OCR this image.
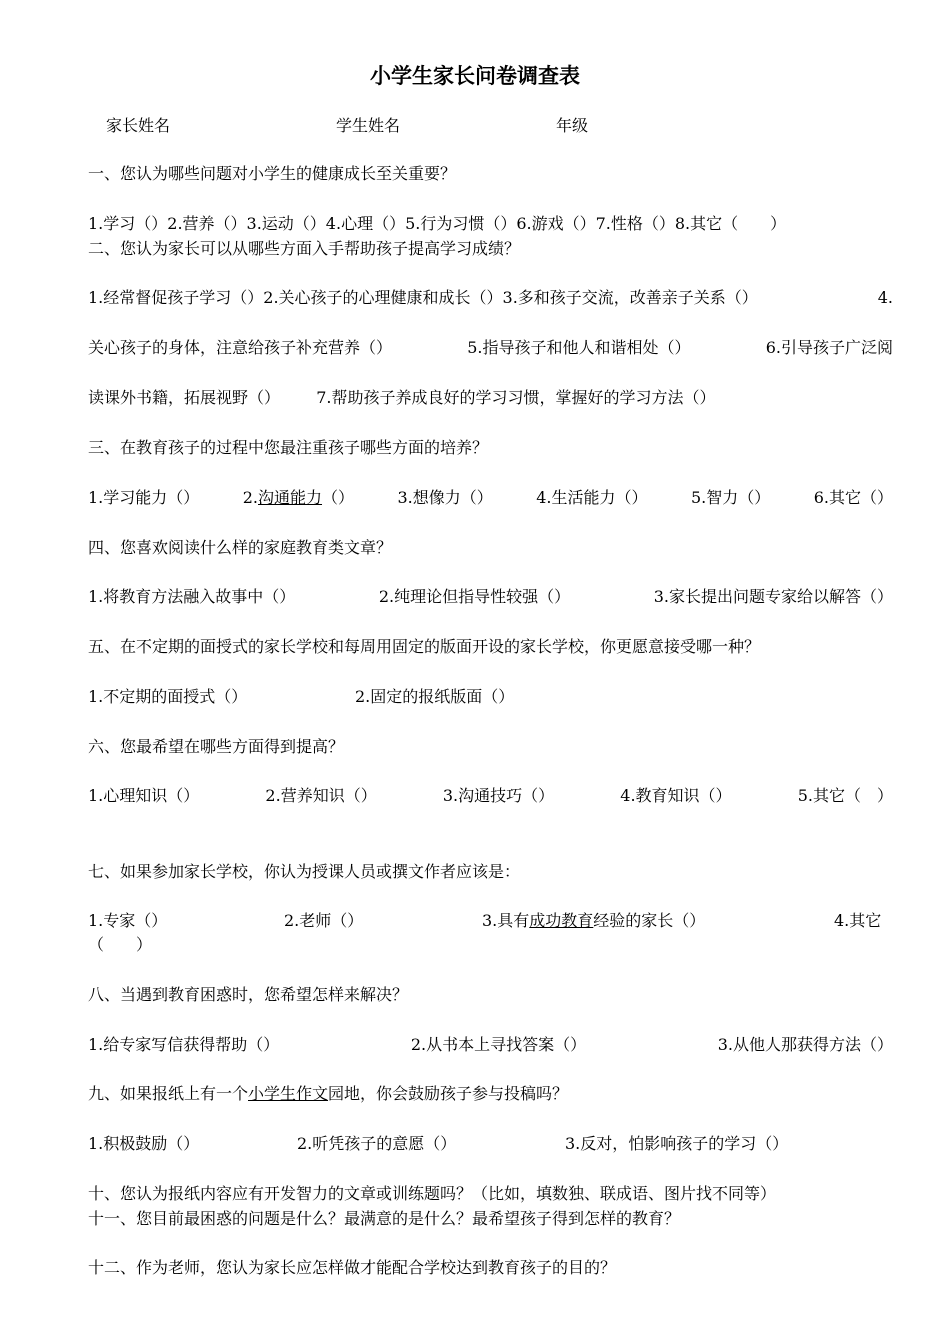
小学生家长问卷调查表
家长姓名	学生姓名	年级
一、您认为哪些问题对小学生的健康成长至关重要？
1.学习（）2.营养（）3.运动（）4.心理（）5.行为习惯（）6.游戏（）7.性格（）8.其它（　　）
二、您认为家长可以从哪些方面入手帮助孩子提高学习成绩？
1.经常督促孩子学习（）2.关心孩子的心理健康和成长（）3.多和孩子交流，改善亲子关系（）	4.
关心孩子的身体，注意给孩子补充营养（）	5.指导孩子和他人和谐相处（）	6.引导孩子广泛阅
读课外书籍，拓展视野（） 7.帮助孩子养成良好的学习习惯，掌握好的学习方法（）
三、在教育孩子的过程中您最注重孩子哪些方面的培养？
1.学习能力（）	2.沟通能力（）	3.想像力（）	4.生活能力（）	5.智力（）	6.其它（）
四、您喜欢阅读什么样的家庭教育类文章？
1.将教育方法融入故事中（）	2.纯理论但指导性较强（）	3.家长提出问题专家给以解答（）
五、在不定期的面授式的家长学校和每周用固定的版面开设的家长学校，你更愿意接受哪一种？
1.不定期的面授式（）	2.固定的报纸版面（）
六、您最希望在哪些方面得到提高？
1.心理知识（）	2.营养知识（）	3.沟通技巧（）	4.教育知识（）	5.其它（　）
七、如果参加家长学校，你认为授课人员或撰文作者应该是：
1.专家（）	2.老师（）	3.具有成功教育经验的家长（）	4.其它
（　　）
八、当遇到教育困惑时，您希望怎样来解决？
1.给专家写信获得帮助（）	2.从书本上寻找答案（）	3.从他人那获得方法（）
九、如果报纸上有一个小学生作文园地，你会鼓励孩子参与投稿吗？
1.积极鼓励（）	2.听凭孩子的意愿（）	3.反对，怕影响孩子的学习（）
十、您认为报纸内容应有开发智力的文章或训练题吗？（比如，填数独、联成语、图片找不同等）
十一、您目前最困惑的问题是什么？最满意的是什么？最希望孩子得到怎样的教育？
十二、作为老师，您认为家长应怎样做才能配合学校达到教育孩子的目的？
